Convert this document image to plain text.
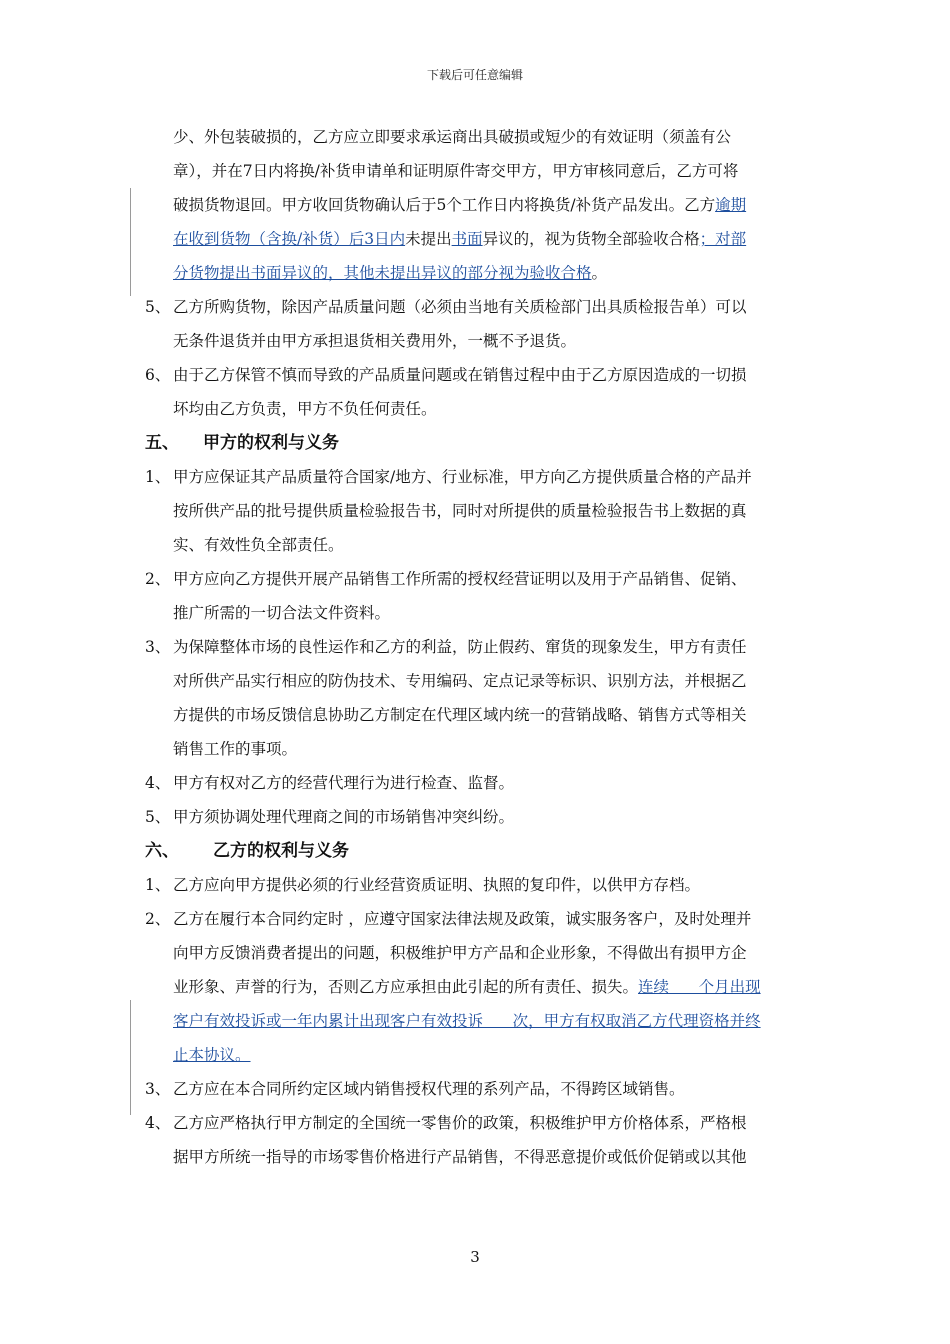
下载后可任意编辑
少、外包装破损的，乙方应立即要求承运商出具破损或短少的有效证明（须盖有公
章），并在7日内将换/补货申请单和证明原件寄交甲方，甲方审核同意后，乙方可将
破损货物退回。甲方收回货物确认后于5个工作日内将换货/补货产品发出。乙方逾期
在收到货物（含换/补货）后3日内未提出书面异议的，视为货物全部验收合格；对部
分货物提出书面异议的，其他未提出异议的部分视为验收合格。
5、 乙方所购货物，除因产品质量问题（必须由当地有关质检部门出具质检报告单）可以
无条件退货并由甲方承担退货相关费用外，一概不予退货。
6、 由于乙方保管不慎而导致的产品质量问题或在销售过程中由于乙方原因造成的一切损
坏均由乙方负责，甲方不负任何责任。
五、 甲方的权利与义务
1、 甲方应保证其产品质量符合国家/地方、行业标准，甲方向乙方提供质量合格的产品并
按所供产品的批号提供质量检验报告书，同时对所提供的质量检验报告书上数据的真
实、有效性负全部责任。
2、 甲方应向乙方提供开展产品销售工作所需的授权经营证明以及用于产品销售、促销、
推广所需的一切合法文件资料。
3、 为保障整体市场的良性运作和乙方的利益，防止假药、窜货的现象发生，甲方有责任
对所供产品实行相应的防伪技术、专用编码、定点记录等标识、识别方法，并根据乙
方提供的市场反馈信息协助乙方制定在代理区域内统一的营销战略、销售方式等相关
销售工作的事项。
4、 甲方有权对乙方的经营代理行为进行检查、监督。
5、 甲方须协调处理代理商之间的市场销售冲突纠纷。
六、 乙方的权利与义务
1、 乙方应向甲方提供必须的行业经营资质证明、执照的复印件，以供甲方存档。
2、 乙方在履行本合同约定时 ，应遵守国家法律法规及政策，诚实服务客户，及时处理并
向甲方反馈消费者提出的问题，积极维护甲方产品和企业形象，不得做出有损甲方企
业形象、声誉的行为，否则乙方应承担由此引起的所有责任、损失。连续      个月出现
客户有效投诉或一年内累计出现客户有效投诉      次，甲方有权取消乙方代理资格并终
止本协议。
3、 乙方应在本合同所约定区域内销售授权代理的系列产品，不得跨区域销售。
4、 乙方应严格执行甲方制定的全国统一零售价的政策，积极维护甲方价格体系，严格根
据甲方所统一指导的市场零售价格进行产品销售，不得恶意提价或低价促销或以其他
3
